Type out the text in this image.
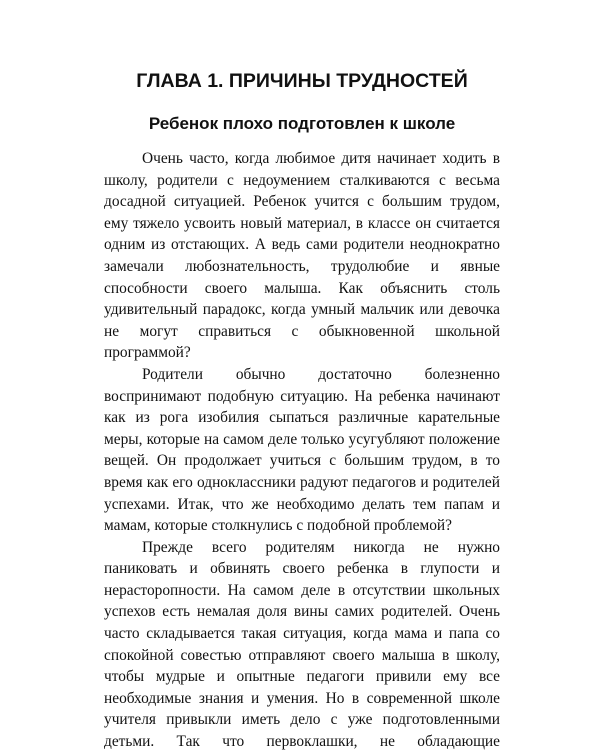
ГЛАВА 1. ПРИЧИНЫ ТРУДНОСТЕЙ
Ребенок плохо подготовлен к школе

Очень часто, когда любимое дитя начинает ходить в школу, родители с недоумением сталкиваются с весьма досадной ситуацией. Ребенок учится с большим трудом, ему тяжело усвоить новый материал, в классе он считается одним из отстающих. А ведь сами родители неоднократно замечали любознательность, трудолюбие и явные способности своего малыша. Как объяснить столь удивительный парадокс, когда умный мальчик или девочка не могут справиться с обыкновенной школьной программой?

Родители обычно достаточно болезненно воспринимают подобную ситуацию. На ребенка начинают как из рога изобилия сыпаться различные карательные меры, которые на самом деле только усугубляют положение вещей. Он продолжает учиться с большим трудом, в то время как его одноклассники радуют педагогов и родителей успехами. Итак, что же необходимо делать тем папам и мамам, которые столкнулись с подобной проблемой?

Прежде всего родителям никогда не нужно паниковать и обвинять своего ребенка в глупости и нерасторопности. На самом деле в отсутствии школьных успехов есть немалая доля вины самих родителей. Очень часто складывается такая ситуация, когда мама и папа со спокойной совестью отправляют своего малыша в школу, чтобы мудрые и опытные педагоги привили ему все необходимые знания и умения. Но в современной школе учителя привыкли иметь дело с уже подготовленными детьми. Так что первоклашки, не обладающие
